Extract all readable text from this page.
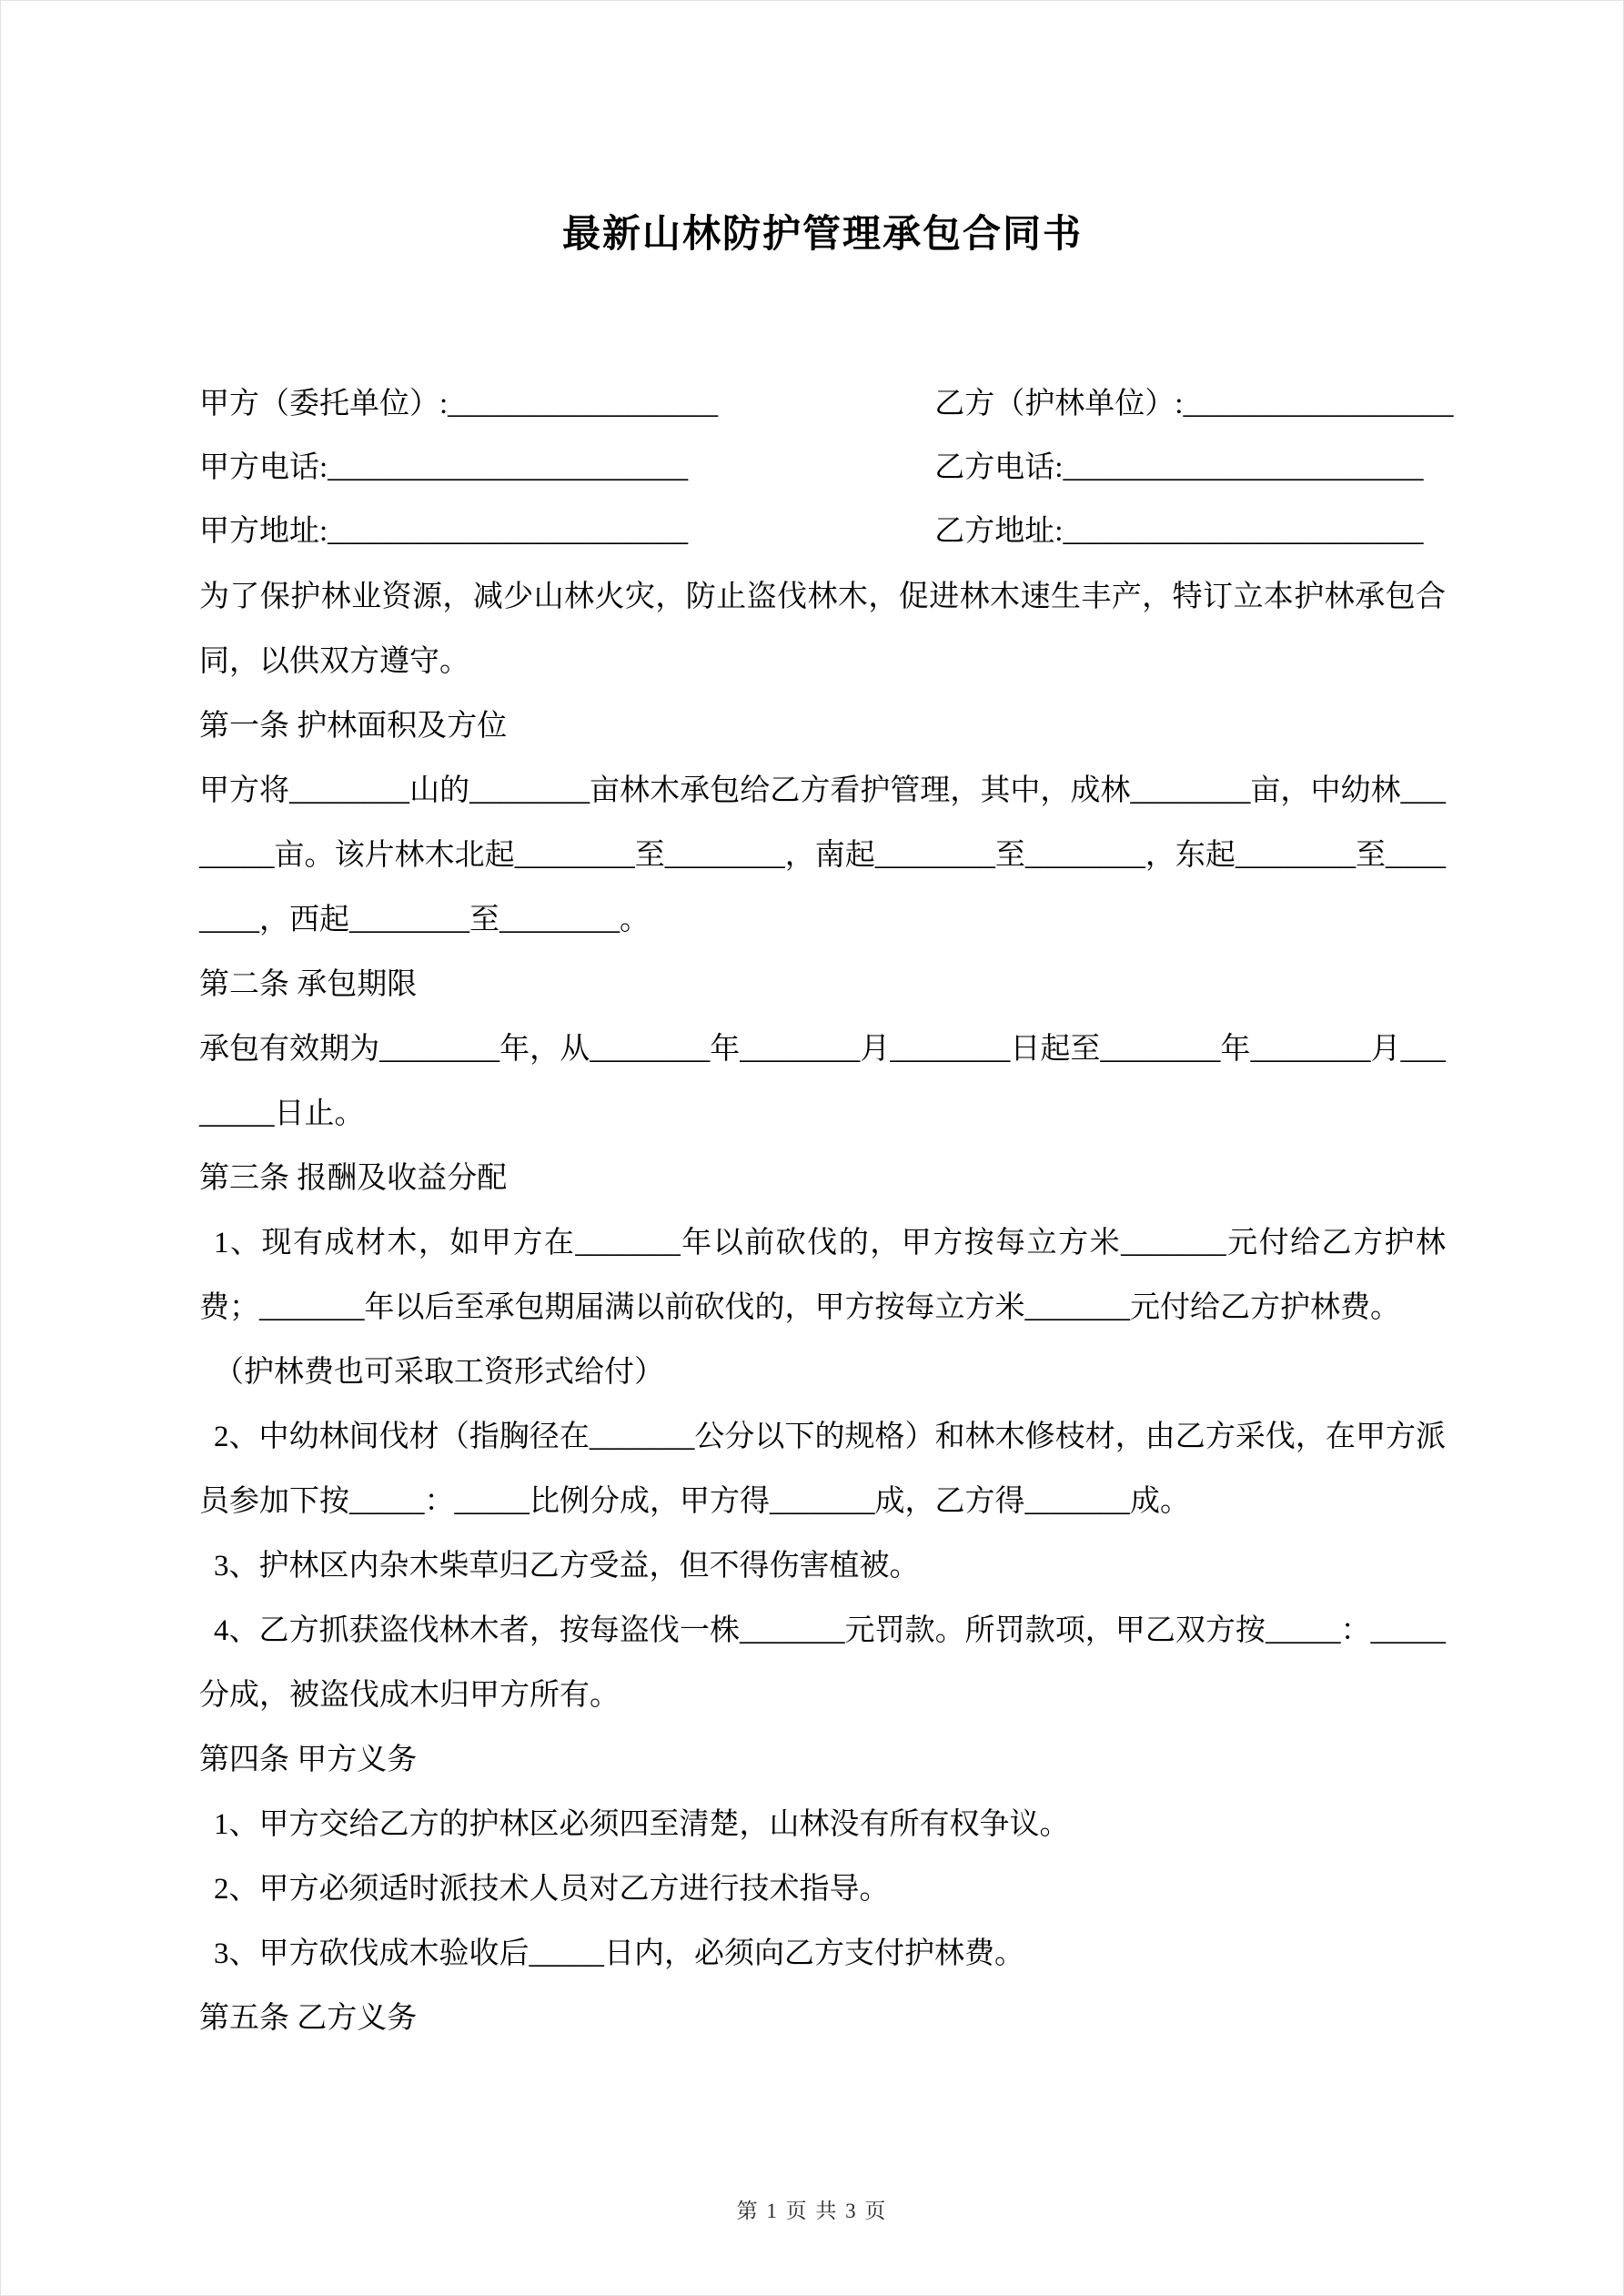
最新山林防护管理承包合同书
甲方（委托单位）:__________________	乙方（护林单位）:__________________
甲方电话:________________________	乙方电话:________________________
甲方地址:________________________	乙方地址:________________________

为了保护林业资源，减少山林火灾，防止盗伐林木，促进林木速生丰产，特订立本护林承包合同，以供双方遵守。

第一条 护林面积及方位

甲方将________山的________亩林木承包给乙方看护管理，其中，成林________亩，中幼林________亩。该片林木北起________至________，南起________至________，东起________至________，西起________至________。

第二条 承包期限

承包有效期为________年，从________年________月________日起至________年________月________日止。

第三条 报酬及收益分配

1、现有成材木，如甲方在_______年以前砍伐的，甲方按每立方米_______元付给乙方护林费；_______年以后至承包期届满以前砍伐的，甲方按每立方米_______元付给乙方护林费。

（护林费也可采取工资形式给付）

2、中幼林间伐材（指胸径在_______公分以下的规格）和林木修枝材，由乙方采伐，在甲方派员参加下按_____：_____比例分成，甲方得_______成，乙方得_______成。

3、护林区内杂木柴草归乙方受益，但不得伤害植被。

4、乙方抓获盗伐林木者，按每盗伐一株_______元罚款。所罚款项，甲乙双方按_____：_____分成，被盗伐成木归甲方所有。

第四条 甲方义务

1、甲方交给乙方的护林区必须四至清楚，山林没有所有权争议。

2、甲方必须适时派技术人员对乙方进行技术指导。

3、甲方砍伐成木验收后_____日内，必须向乙方支付护林费。

第五条 乙方义务

第 1 页 共 3 页
